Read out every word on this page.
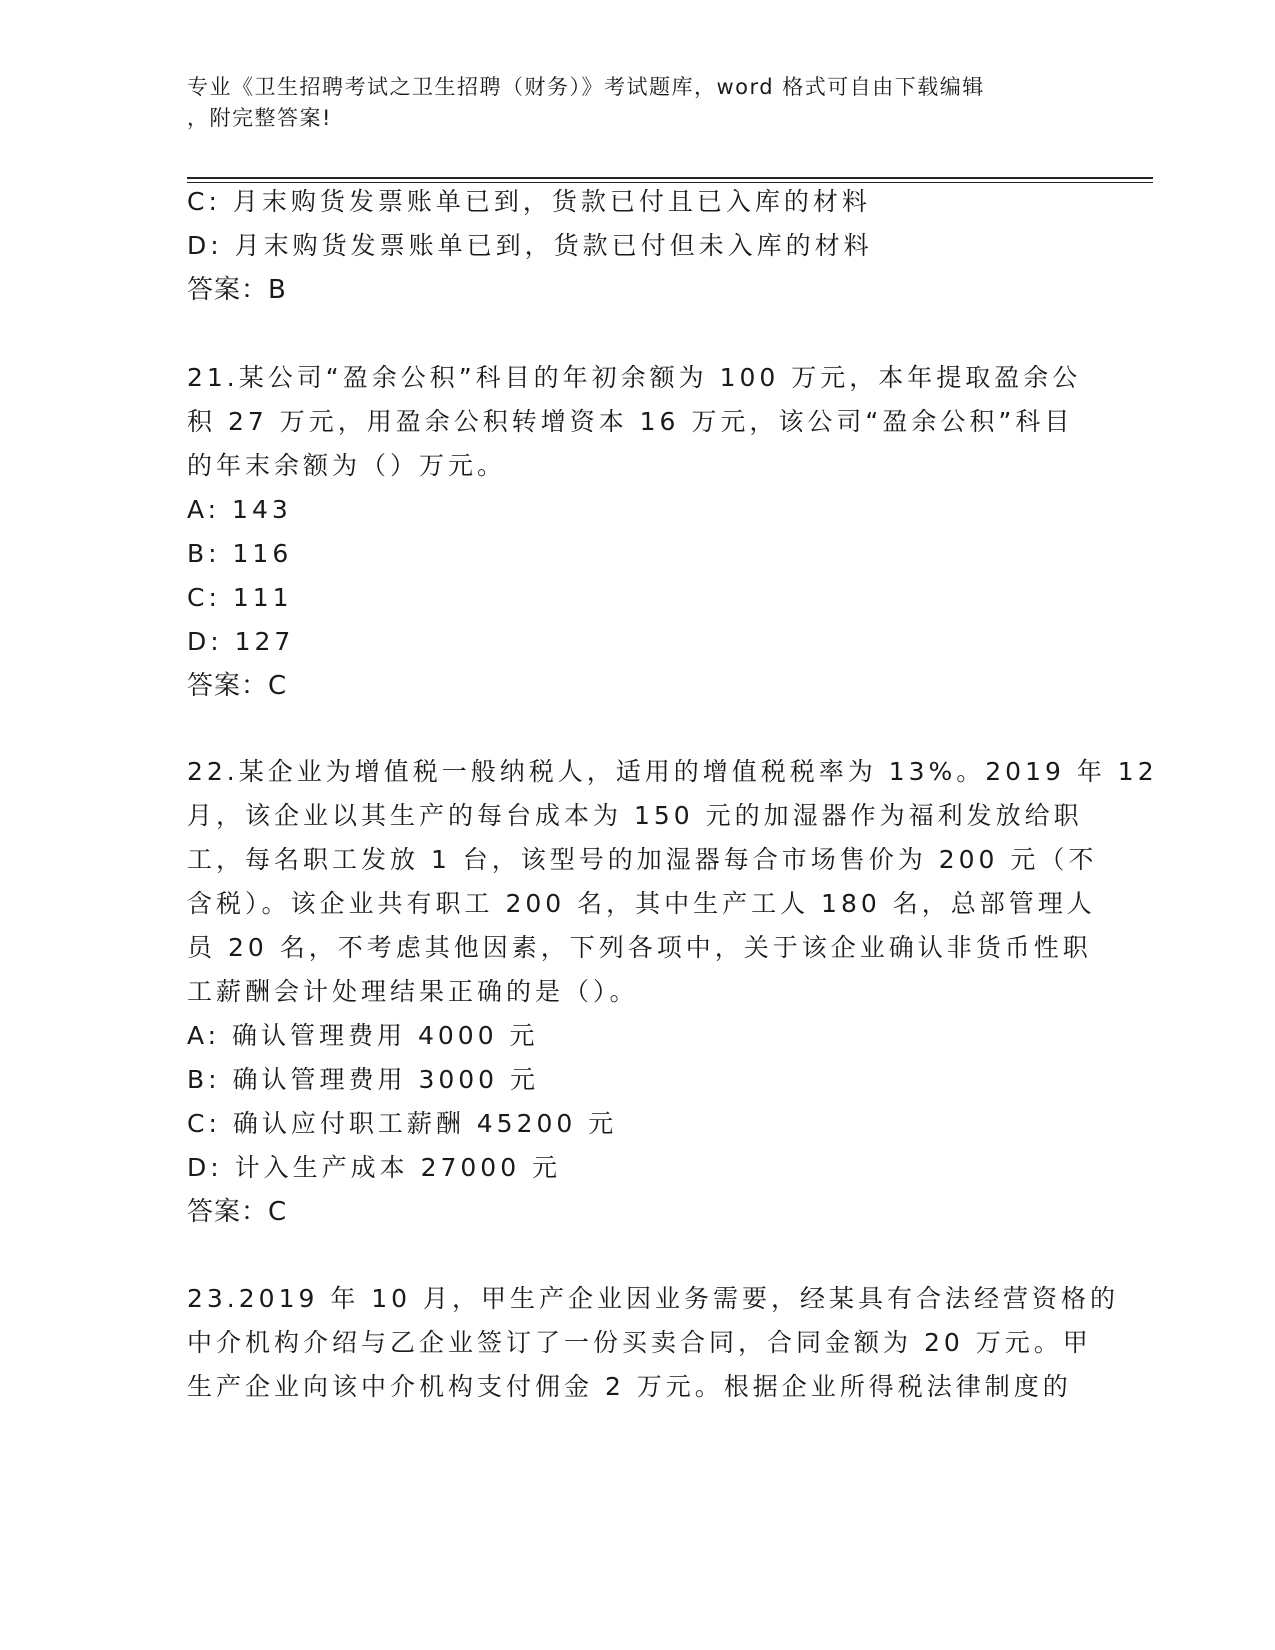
专业《卫生招聘考试之卫生招聘（财务）》考试题库，word 格式可自由下载编辑
，附完整答案!
C: 月末购货发票账单已到，货款已付且已入库的材料
D: 月末购货发票账单已到，货款已付但未入库的材料
答案：B
21.某公司“盈余公积”科目的年初余额为 100 万元，本年提取盈余公
积 27 万元，用盈余公积转增资本 16 万元，该公司“盈余公积”科目
的年末余额为（）万元。
A: 143
B: 116
C: 111
D: 127
答案：C
22.某企业为增值税一般纳税人，适用的增值税税率为 13%。2019 年 12
月，该企业以其生产的每台成本为 150 元的加湿器作为福利发放给职
工，每名职工发放 1 台，该型号的加湿器每合市场售价为 200 元（不
含税）。该企业共有职工 200 名，其中生产工人 180 名，总部管理人
员 20 名，不考虑其他因素，下列各项中，关于该企业确认非货币性职
工薪酬会计处理结果正确的是（）。
A: 确认管理费用 4000 元
B: 确认管理费用 3000 元
C: 确认应付职工薪酬 45200 元
D: 计入生产成本 27000 元
答案：C
23.2019 年 10 月，甲生产企业因业务需要，经某具有合法经营资格的
中介机构介绍与乙企业签订了一份买卖合同，合同金额为 20 万元。甲
生产企业向该中介机构支付佣金 2 万元。根据企业所得税法律制度的
